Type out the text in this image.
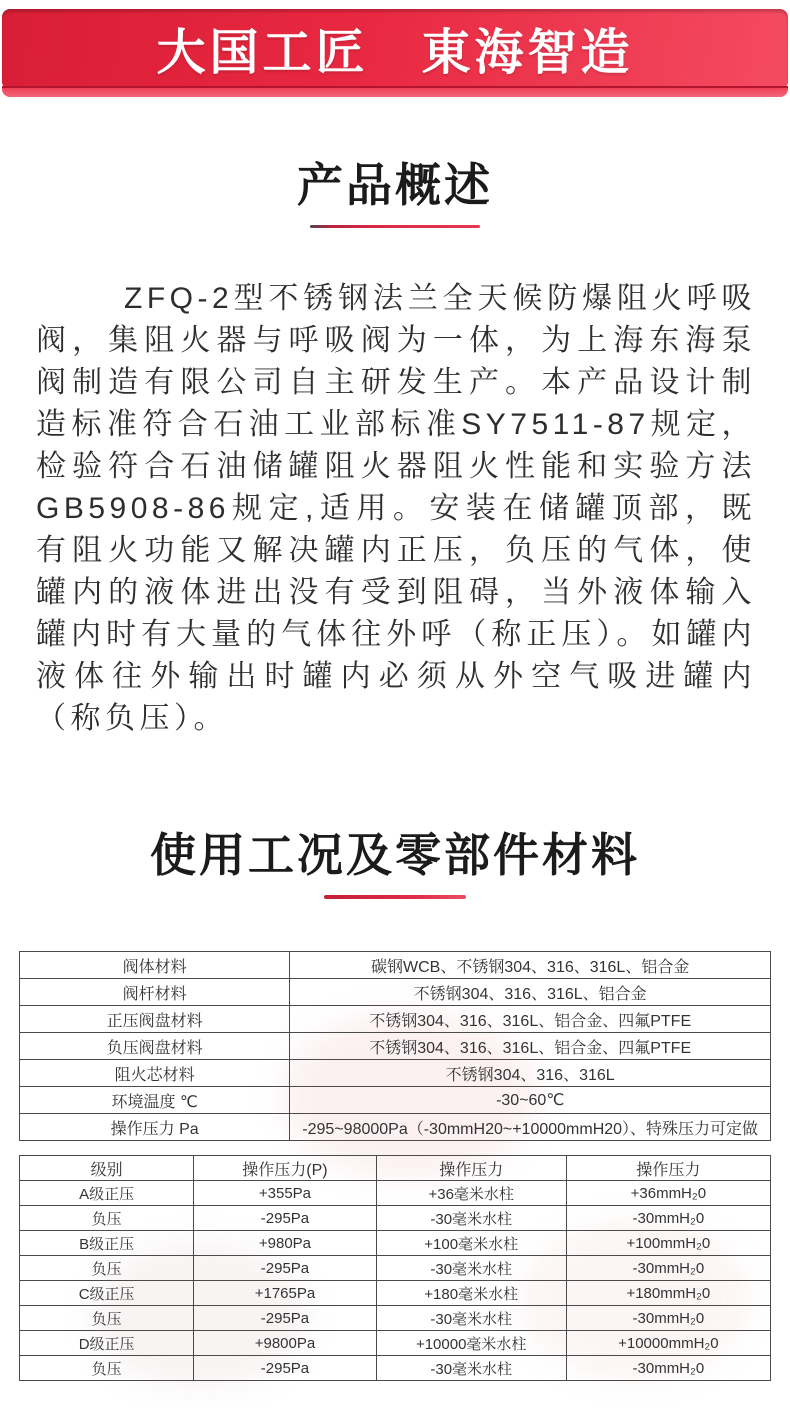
大国工匠　東海智造
产品概述

ZFQ-2型不锈钢法兰全天候防爆阻火呼吸阀，集阻火器与呼吸阀为一体，为上海东海泵阀制造有限公司自主研发生产。本产品设计制造标准符合石油工业部标准SY7511-87规定，检验符合石油储罐阻火器阻火性能和实验方法GB5908-86规定,适用。安装在储罐顶部，既有阻火功能又解决罐内正压，负压的气体，使罐内的液体进出没有受到阻碍，当外液体输入罐内时有大量的气体往外呼（称正压）。如罐内液体往外输出时罐内必须从外空气吸进罐内（称负压）。

使用工况及零部件材料
阀体材料	碳钢WCB、不锈钢304、316、316L、铝合金
阀杆材料	不锈钢304、316、316L、铝合金
正压阀盘材料	不锈钢304、316、316L、铝合金、四氟PTFE
负压阀盘材料	不锈钢304、316、316L、铝合金、四氟PTFE
阻火芯材料	不锈钢304、316、316L
环境温度 ℃	-30~60℃
操作压力 Pa	-295~98000Pa（-30mmH20~+10000mmH20）、特殊压力可定做
级别	操作压力(P)	操作压力	操作压力
A级正压	+355Pa	+36毫米水柱	+36mmH₂0
负压	-295Pa	-30毫米水柱	-30mmH₂0
B级正压	+980Pa	+100毫米水柱	+100mmH₂0
负压	-295Pa	-30毫米水柱	-30mmH₂0
C级正压	+1765Pa	+180毫米水柱	+180mmH₂0
负压	-295Pa	-30毫米水柱	-30mmH₂0
D级正压	+9800Pa	+10000毫米水柱	+10000mmH₂0
负压	-295Pa	-30毫米水柱	-30mmH₂0
